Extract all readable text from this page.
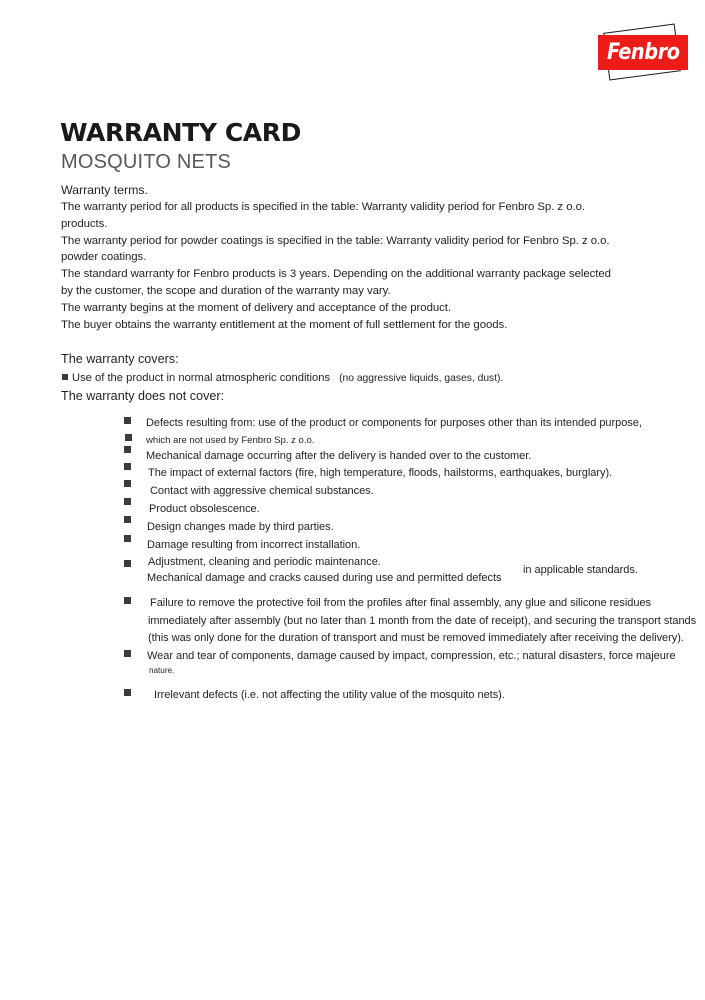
Fenbro
WARRANTY CARD
MOSQUITO NETS
Warranty terms.
The warranty period for all products is specified in the table: Warranty validity period for Fenbro Sp. z o.o.
products.
The warranty period for powder coatings is specified in the table: Warranty validity period for Fenbro Sp. z o.o.
powder coatings.
The standard warranty for Fenbro products is 3 years. Depending on the additional warranty package selected
by the customer, the scope and duration of the warranty may vary.
The warranty begins at the moment of delivery and acceptance of the product.
The buyer obtains the warranty entitlement at the moment of full settlement for the goods.
The warranty covers:
Use of the product in normal atmospheric conditions (no aggressive liquids, gases, dust).
The warranty does not cover:
Defects resulting from: use of the product or components for purposes other than its intended purpose,
which are not used by Fenbro Sp. z o.o.
Mechanical damage occurring after the delivery is handed over to the customer.
The impact of external factors (fire, high temperature, floods, hailstorms, earthquakes, burglary).
Contact with aggressive chemical substances.
Product obsolescence.
Design changes made by third parties.
Damage resulting from incorrect installation.
Adjustment, cleaning and periodic maintenance.
Mechanical damage and cracks caused during use and permitted defects
in applicable standards.
Failure to remove the protective foil from the profiles after final assembly, any glue and silicone residues
immediately after assembly (but no later than 1 month from the date of receipt), and securing the transport stands
(this was only done for the duration of transport and must be removed immediately after receiving the delivery).
Wear and tear of components, damage caused by impact, compression, etc.; natural disasters, force majeure
nature.
Irrelevant defects (i.e. not affecting the utility value of the mosquito nets).
